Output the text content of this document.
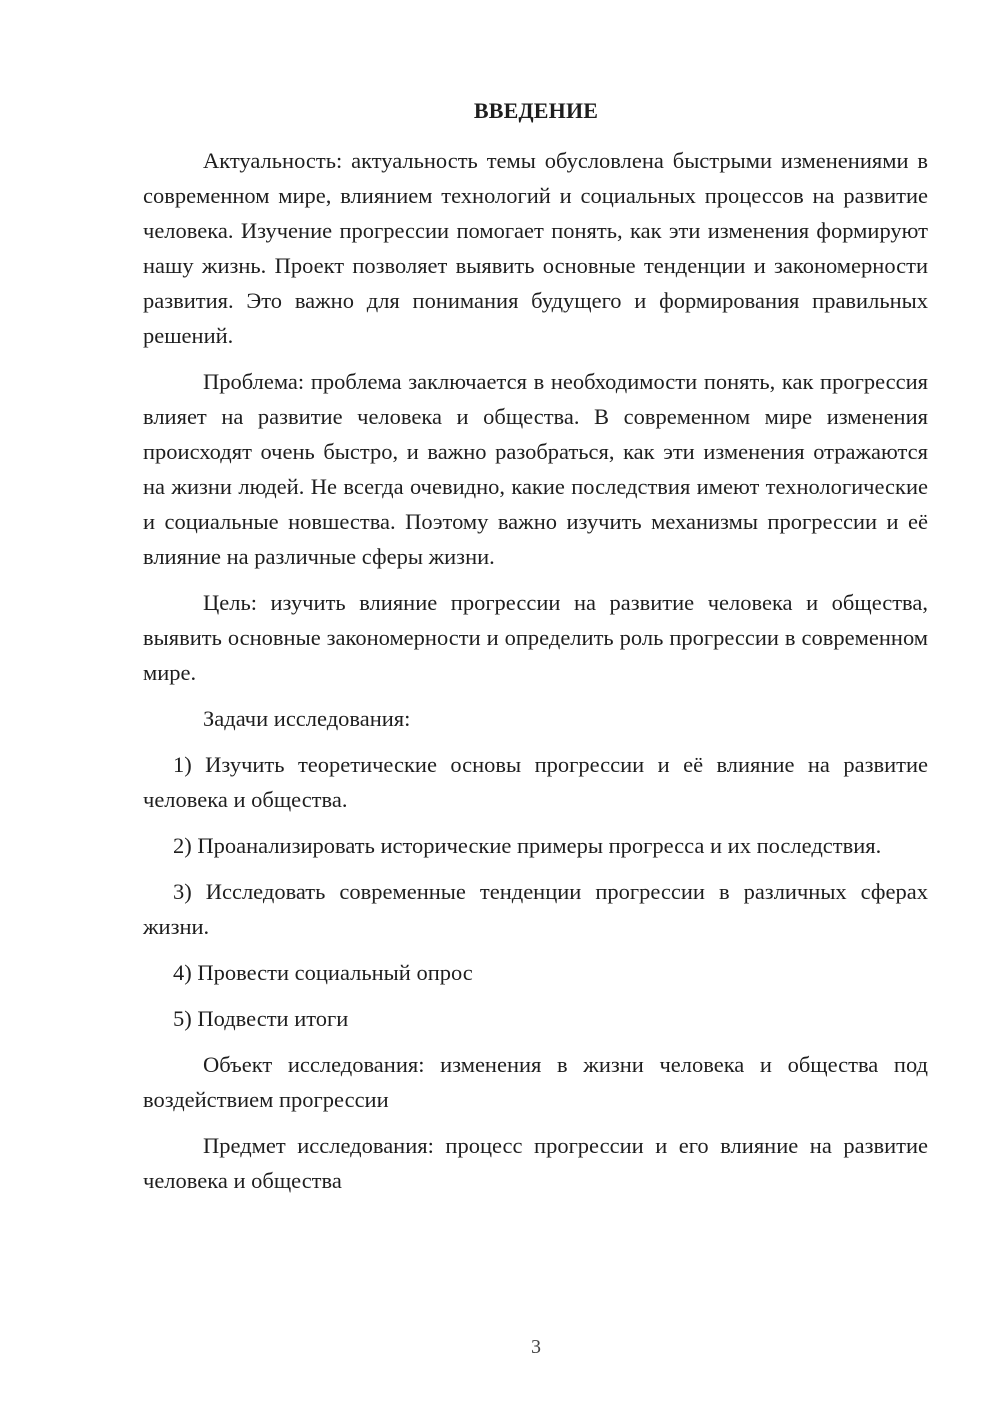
ВВЕДЕНИЕ

Актуальность: актуальность темы обусловлена быстрыми изменениями в современном мире, влиянием технологий и социальных процессов на развитие человека. Изучение прогрессии помогает понять, как эти изменения формируют нашу жизнь. Проект позволяет выявить основные тенденции и закономерности развития. Это важно для понимания будущего и формирования правильных решений.

Проблема: проблема заключается в необходимости понять, как прогрессия влияет на развитие человека и общества. В современном мире изменения происходят очень быстро, и важно разобраться, как эти изменения отражаются на жизни людей. Не всегда очевидно, какие последствия имеют технологические и социальные новшества. Поэтому важно изучить механизмы прогрессии и её влияние на различные сферы жизни.

Цель: изучить влияние прогрессии на развитие человека и общества, выявить основные закономерности и определить роль прогрессии в современном мире.

Задачи исследования:

1) Изучить теоретические основы прогрессии и её влияние на развитие человека и общества.

2) Проанализировать исторические примеры прогресса и их последствия.

3) Исследовать современные тенденции прогрессии в различных сферах жизни.

4) Провести социальный опрос

5) Подвести итоги

Объект исследования: изменения в жизни человека и общества под воздействием прогрессии

Предмет исследования: процесс прогрессии и его влияние на развитие человека и общества

3
